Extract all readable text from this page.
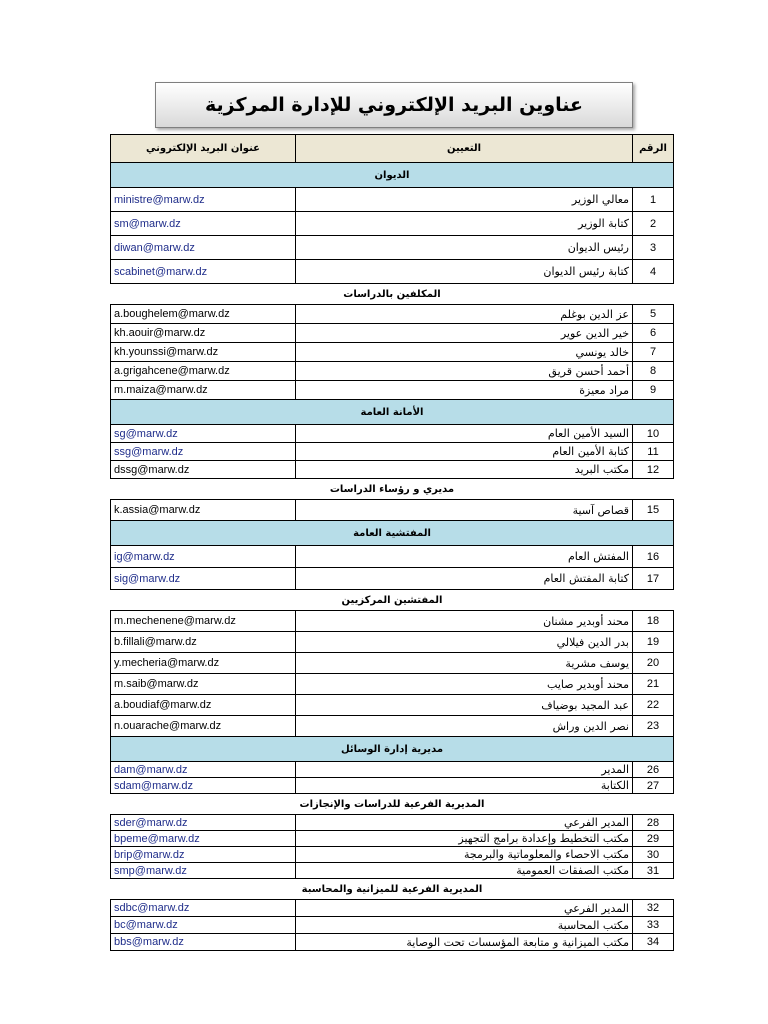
عناوين البريد الإلكتروني للإدارة المركزية
عنوان البريد الإلكتروني	التعيين	الرقم
الديوان		
ministre@marw.dz	معالي الوزير	1
sm@marw.dz	كتابة الوزير	2
diwan@marw.dz	رئيس الديوان	3
scabinet@marw.dz	كتابة رئيس الديوان	4
المكلفين بالدراسات		
a.boughelem@marw.dz	عز الدين بوغلم	5
kh.aouir@marw.dz	خير الدين عوير	6
kh.younssi@marw.dz	خالد يونسي	7
a.grigahcene@marw.dz	أحمد أحسن قريق	8
m.maiza@marw.dz	مراد معيزة	9
الأمانة العامة		
sg@marw.dz	السيد الأمين العام	10
ssg@marw.dz	كتابة الأمين العام	11
dssg@marw.dz	مكتب البريد	12
مديري و رؤساء الدراسات		
k.assia@marw.dz	قصاص آسية	15
المفتشية العامة		
ig@marw.dz	المفتش العام	16
sig@marw.dz	كتابة المفتش العام	17
المفتشين المركزيين		
m.mechenene@marw.dz	محند أوبدير مشنان	18
b.fillali@marw.dz	بدر الدين فيلالي	19
y.mecheria@marw.dz	يوسف مشرية	20
m.saib@marw.dz	محند أوبدير صايب	21
a.boudiaf@marw.dz	عبد المجيد بوضياف	22
n.ouarache@marw.dz	نصر الدين وراش	23
مديرية إدارة الوسائل		
dam@marw.dz	المدير	26
sdam@marw.dz	الكتابة	27
المديرية الفرعية للدراسات والإنجازات		
sder@marw.dz	المدير الفرعي	28
bpeme@marw.dz	مكتب التخطيط وإعدادة برامج التجهيز	29
brip@marw.dz	مكتب الاحصاء والمعلوماتية والبرمجة	30
smp@marw.dz	مكتب الصفقات العمومية	31
المديرية الفرعية للميزانية والمحاسبة		
sdbc@marw.dz	المدير الفرعي	32
bc@marw.dz	مكتب المحاسبة	33
bbs@marw.dz	مكتب الميزانية و متابعة المؤسسات تحت الوصاية	34
